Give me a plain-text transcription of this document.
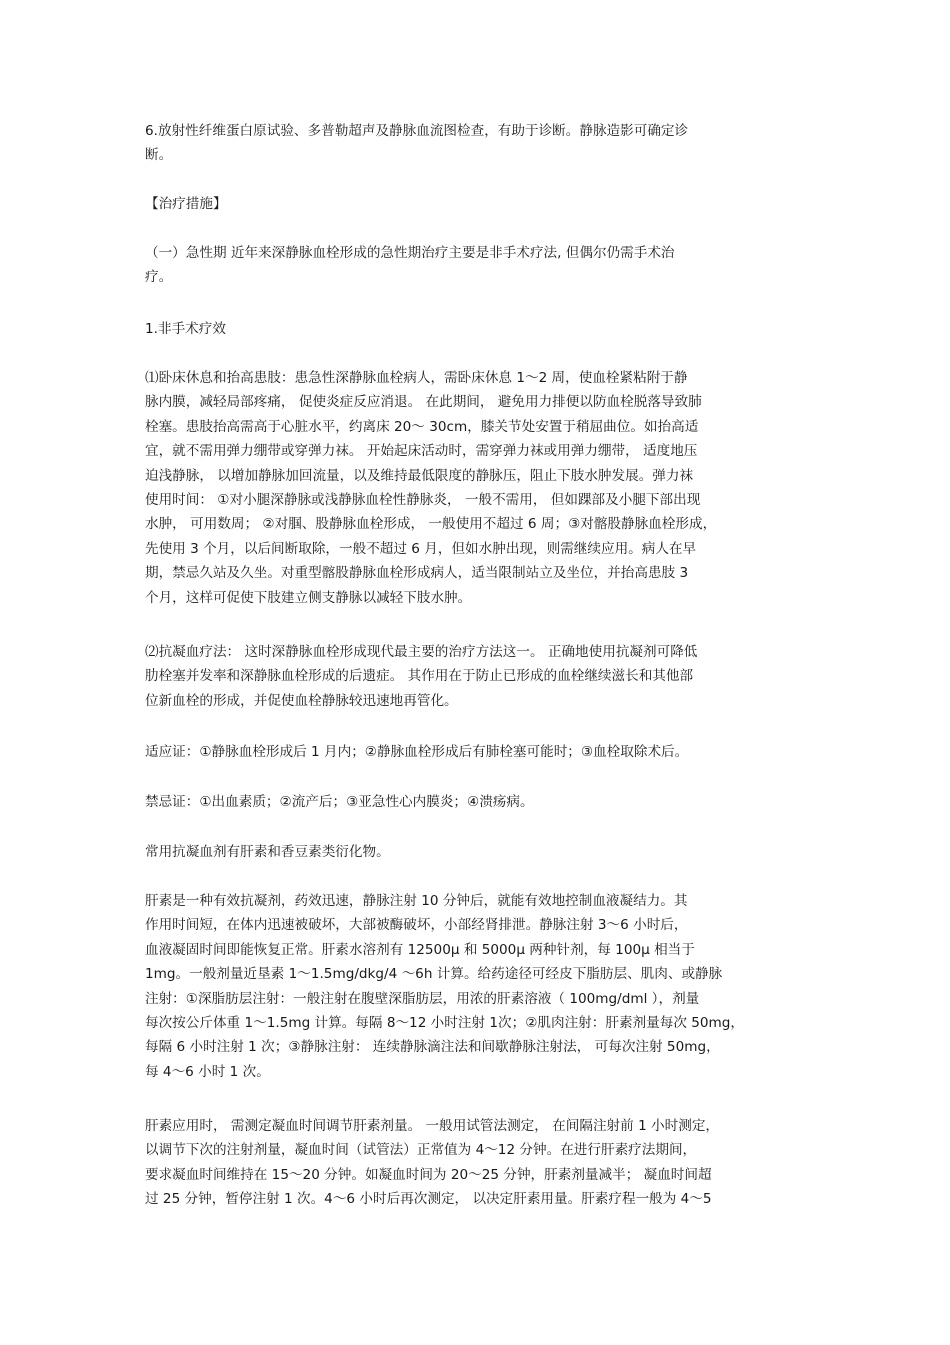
6.放射性纤维蛋白原试验、多普勒超声及静脉血流图检查，有助于诊断。静脉造影可确定诊
断。
【治疗措施】
（一）急性期 近年来深静脉血栓形成的急性期治疗主要是非手术疗法, 但偶尔仍需手术治
疗。
1.非手术疗效
⑴卧床休息和抬高患肢：患急性深静脉血栓病人，需卧床休息 1～2 周，使血栓紧粘附于静
脉内膜，减轻局部疼痛， 促使炎症反应消退。 在此期间， 避免用力排便以防血栓脱落导致肺
栓塞。患肢抬高需高于心脏水平，约离床 20～ 30cm，膝关节处安置于稍屈曲位。如抬高适
宜，就不需用弹力绷带或穿弹力袜。 开始起床活动时，需穿弹力袜或用弹力绷带， 适度地压
迫浅静脉， 以增加静脉加回流量，以及维持最低限度的静脉压，阻止下肢水肿发展。弹力袜
使用时间： ①对小腿深静脉或浅静脉血栓性静脉炎， 一般不需用， 但如踝部及小腿下部出现
水肿， 可用数周； ②对腘、股静脉血栓形成， 一般使用不超过 6 周；③对髂股静脉血栓形成，
先使用 3 个月，以后间断取除，一般不超过 6 月，但如水肿出现，则需继续应用。病人在早
期，禁忌久站及久坐。对重型髂股静脉血栓形成病人，适当限制站立及坐位，并抬高患肢 3
个月，这样可促使下肢建立侧支静脉以减轻下肢水肿。
⑵抗凝血疗法： 这时深静脉血栓形成现代最主要的治疗方法这一。 正确地使用抗凝剂可降低
肋栓塞并发率和深静脉血栓形成的后遗症。 其作用在于防止已形成的血栓继续滋长和其他部
位新血栓的形成，并促使血栓静脉较迅速地再管化。
适应证：①静脉血栓形成后 1 月内；②静脉血栓形成后有肺栓塞可能时；③血栓取除术后。
禁忌证：①出血素质；②流产后；③亚急性心内膜炎；④溃疡病。
常用抗凝血剂有肝素和香豆素类衍化物。
肝素是一种有效抗凝剂，药效迅速，静脉注射 10 分钟后，就能有效地控制血液凝结力。其
作用时间短，在体内迅速被破坏，大部被酶破坏，小部经肾排泄。静脉注射 3～6 小时后，
血液凝固时间即能恢复正常。肝素水溶剂有 12500μ 和 5000μ 两种针剂，每 100μ 相当于
1mg。一般剂量近垦素 1～1.5mg/dkg/4 ～6h 计算。给药途径可经皮下脂肪层、肌肉、或静脉
注射：①深脂肪层注射：一般注射在腹壁深脂肪层，用浓的肝素溶液（ 100mg/dml ），剂量
每次按公斤体重 1～1.5mg 计算。每隔 8～12 小时注射 1次；②肌肉注射：肝素剂量每次 50mg，
每隔 6 小时注射 1 次；③静脉注射： 连续静脉滴注法和间歇静脉注射法， 可每次注射 50mg，
每 4～6 小时 1 次。
肝素应用时， 需测定凝血时间调节肝素剂量。 一般用试管法测定， 在间隔注射前 1 小时测定，
以调节下次的注射剂量，凝血时间（试管法）正常值为 4～12 分钟。在进行肝素疗法期间，
要求凝血时间维持在 15～20 分钟。如凝血时间为 20～25 分钟，肝素剂量减半； 凝血时间超
过 25 分钟，暂停注射 1 次。4～6 小时后再次测定， 以决定肝素用量。肝素疗程一般为 4～5
